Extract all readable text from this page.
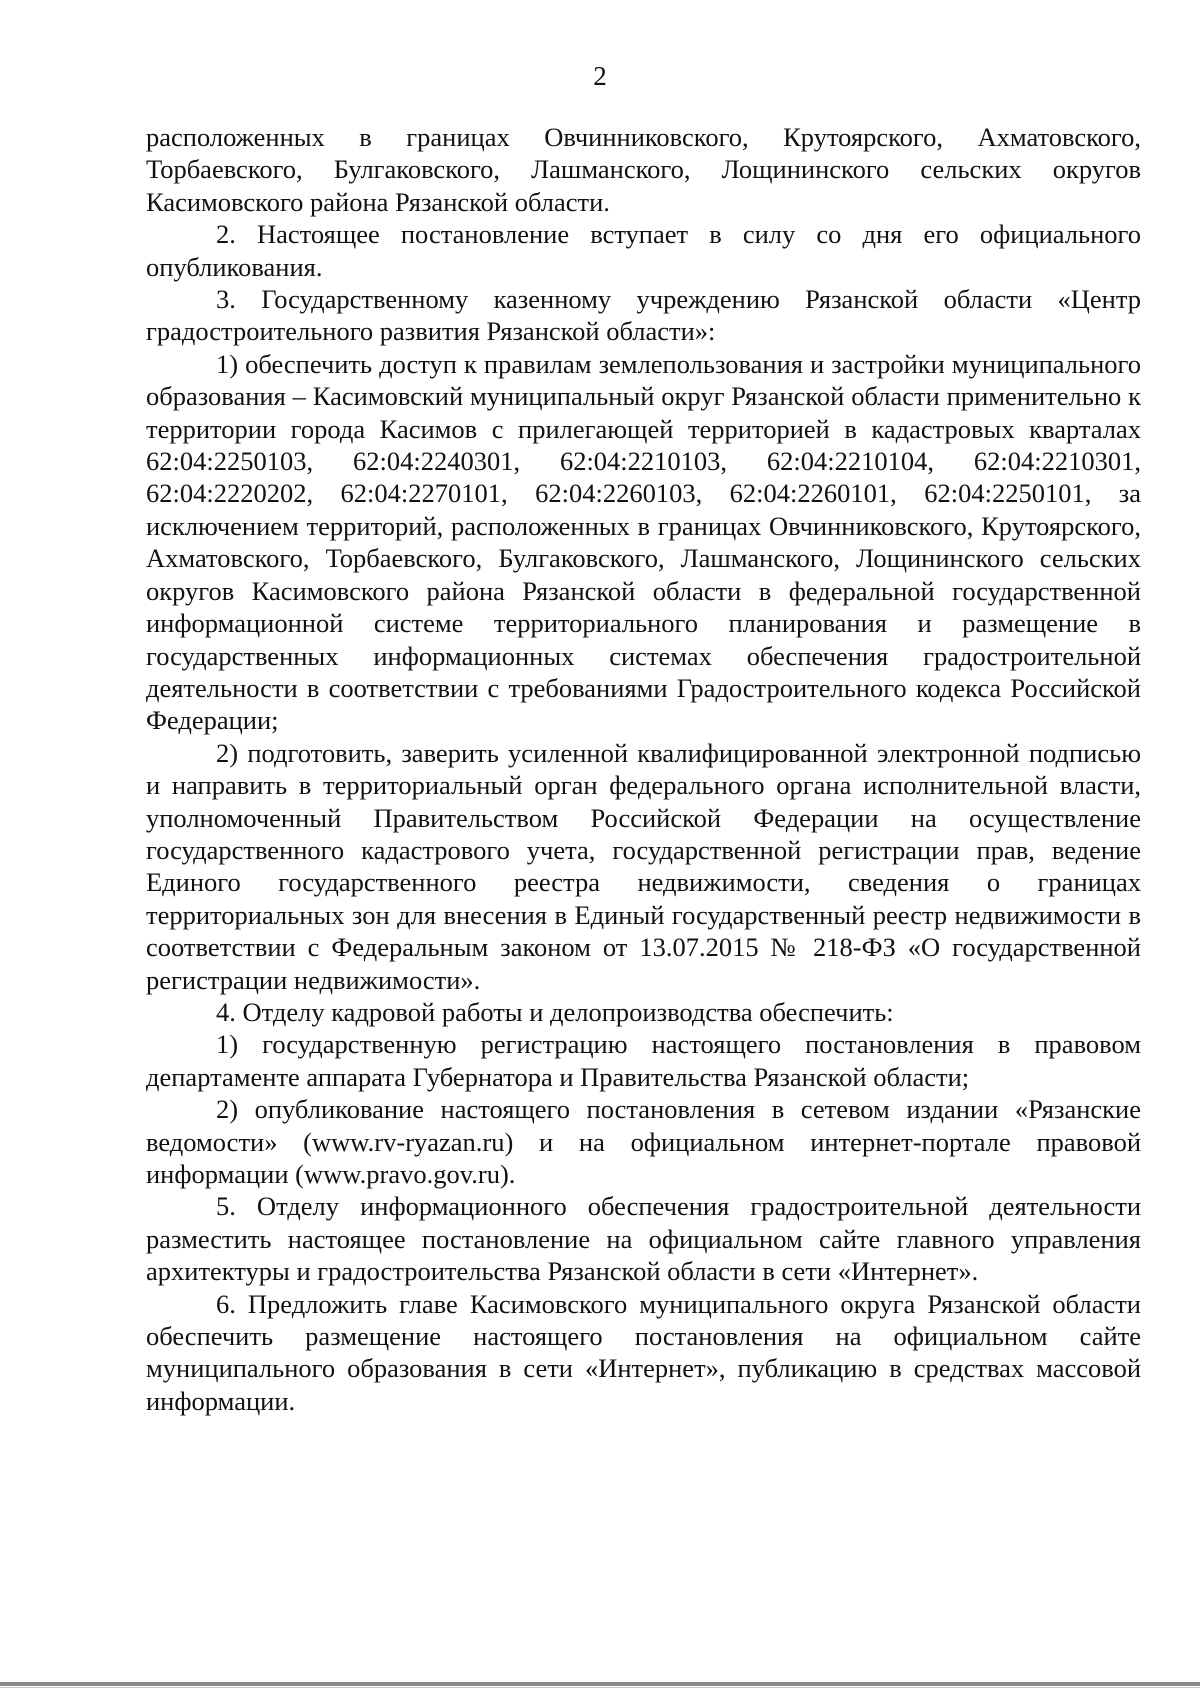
2

расположенных в границах Овчинниковского, Крутоярского, Ахматовского, Торбаевского, Булгаковского, Лашманского, Лощининского сельских округов Касимовского района Рязанской области.

2. Настоящее постановление вступает в силу со дня его официального опубликования.

3. Государственному казенному учреждению Рязанской области «Центр градостроительного развития Рязанской области»:

1) обеспечить доступ к правилам землепользования и застройки муниципального образования – Касимовский муниципальный округ Рязанской области применительно к территории города Касимов с прилегающей территорией в кадастровых кварталах 62:04:2250103, 62:04:2240301, 62:04:2210103, 62:04:2210104, 62:04:2210301, 62:04:2220202, 62:04:2270101, 62:04:2260103, 62:04:2260101, 62:04:2250101, за исключением территорий, расположенных в границах Овчинниковского, Крутоярского, Ахматовского, Торбаевского, Булгаковского, Лашманского, Лощининского сельских округов Касимовского района Рязанской области в федеральной государственной информационной системе территориального планирования и размещение в государственных информационных системах обеспечения градостроительной деятельности в соответствии с требованиями Градостроительного кодекса Российской Федерации;

2) подготовить, заверить усиленной квалифицированной электронной подписью и направить в территориальный орган федерального органа исполнительной власти, уполномоченный Правительством Российской Федерации на осуществление государственного кадастрового учета, государственной регистрации прав, ведение Единого государственного реестра недвижимости, сведения о границах территориальных зон для внесения в Единый государственный реестр недвижимости в соответствии с Федеральным законом от 13.07.2015 № 218-ФЗ «О государственной регистрации недвижимости».

4. Отделу кадровой работы и делопроизводства обеспечить:

1) государственную регистрацию настоящего постановления в правовом департаменте аппарата Губернатора и Правительства Рязанской области;

2) опубликование настоящего постановления в сетевом издании «Рязанские ведомости» (www.rv-ryazan.ru) и на официальном интернет-портале правовой информации (www.pravo.gov.ru).

5. Отделу информационного обеспечения градостроительной деятельности разместить настоящее постановление на официальном сайте главного управления архитектуры и градостроительства Рязанской области в сети «Интернет».

6. Предложить главе Касимовского муниципального округа Рязанской области обеспечить размещение настоящего постановления на официальном сайте муниципального образования в сети «Интернет», публикацию в средствах массовой информации.
